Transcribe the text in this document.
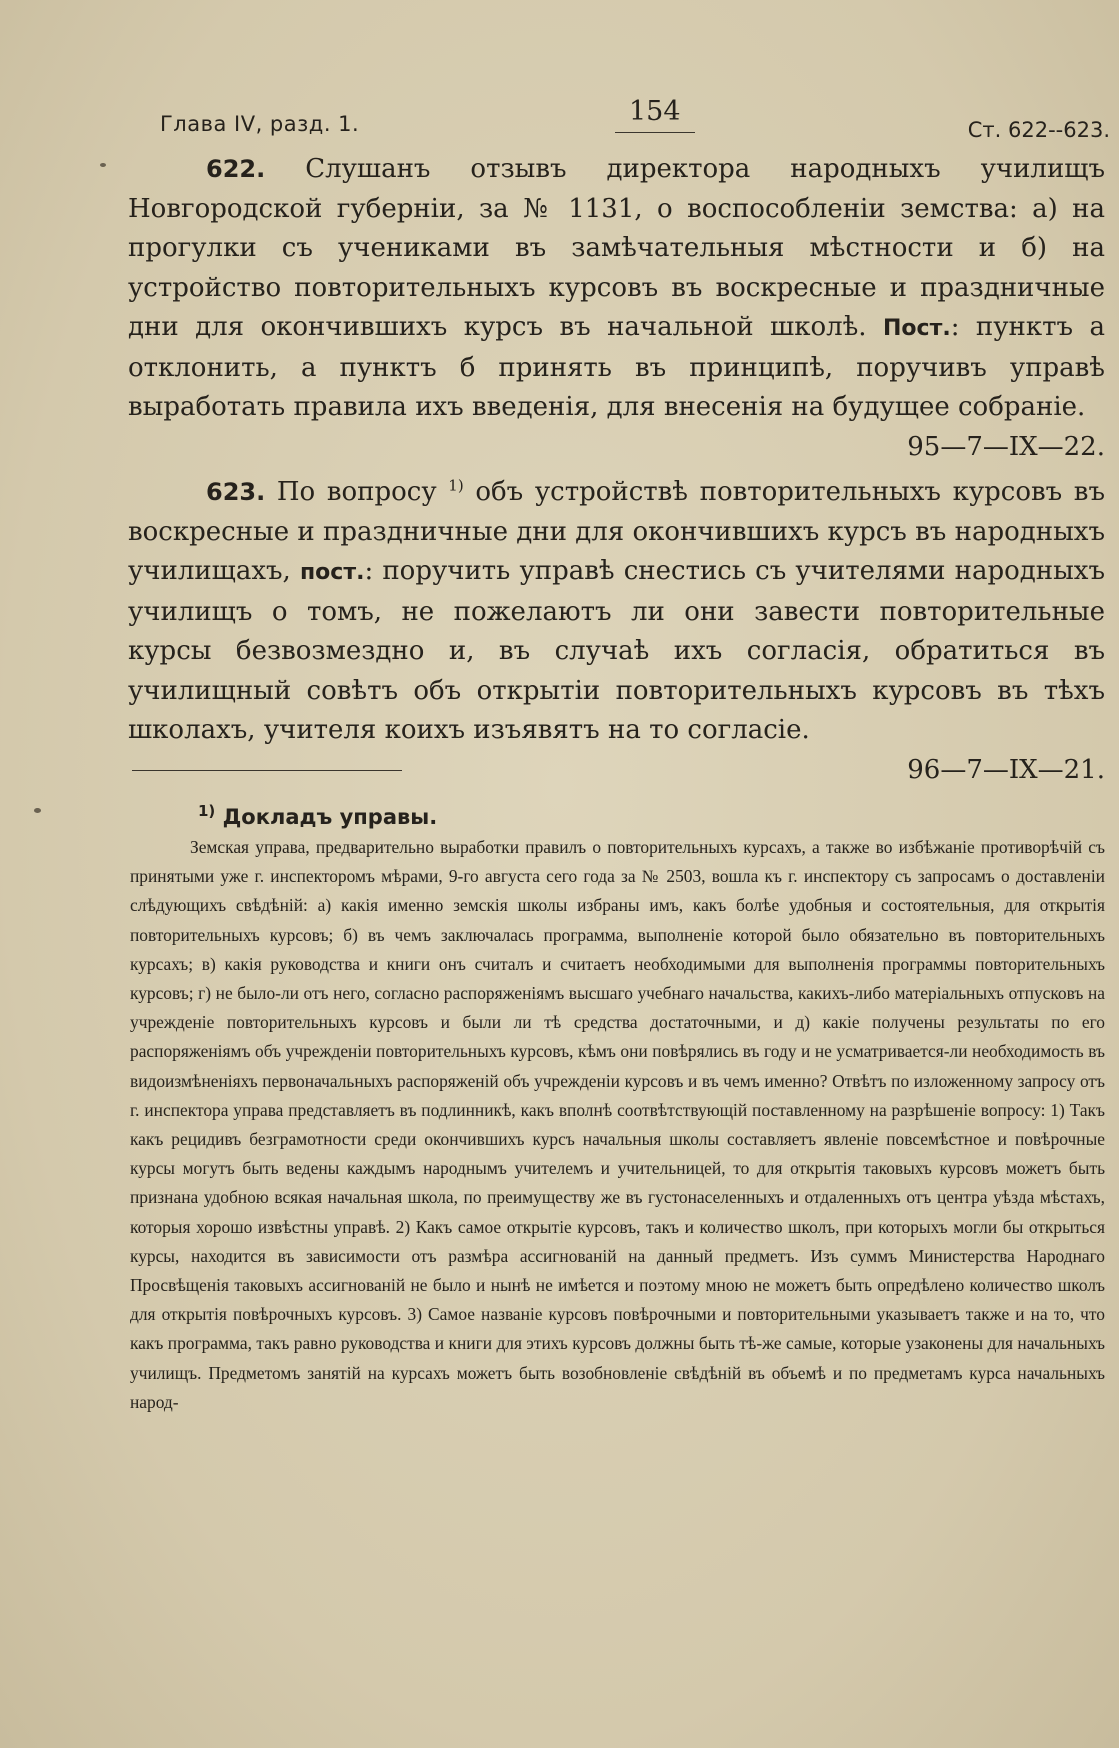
Глава IV, разд. 1.	154
Ст. 622--623.

622. Слушанъ отзывъ директора народныхъ училищъ Новгородской губерніи, за № 1131, о воспособленіи земства: а) на прогулки съ учениками въ замѣчательныя мѣстности и б) на устройство повторительныхъ курсовъ въ воскресные и праздничные дни для окончившихъ курсъ въ начальной школѣ. Пост.: пунктъ а отклонить, а пунктъ б принять въ принципѣ, поручивъ управѣ выработать правила ихъ введенія, для внесенія на будущее собраніе.

95—7—IX—22.

623. По вопросу $^{1)}$ объ устройствѣ повторительныхъ курсовъ въ воскресные и праздничные дни для окончившихъ курсъ въ народныхъ училищахъ, пост.: поручить управѣ снестись съ учителями народныхъ училищъ о томъ, не пожелаютъ ли они завести повторительные курсы безвозмездно и, въ случаѣ ихъ согласія, обратиться въ училищный совѣтъ объ открытіи повторительныхъ курсовъ въ тѣхъ школахъ, учителя коихъ изъявятъ на то согласіе.

96—7—IX—21.

$^{1)}$ Докладъ управы.

Земская управа, предварительно выработки правилъ о повторительныхъ курсахъ, а также во избѣжаніе противорѣчій съ принятыми уже г. инспекторомъ мѣрами, 9-го августа сего года за № 2503, вошла къ г. инспектору съ запросамъ о доставленіи слѣдующихъ свѣдѣній: а) какія именно земскія школы избраны имъ, какъ болѣе удобныя и состоятельныя, для открытія повторительныхъ курсовъ; б) въ чемъ заключалась программа, выполненіе которой было обязательно въ повторительныхъ курсахъ; в) какія руководства и книги онъ считалъ и считаетъ необходимыми для выполненія программы повторительныхъ курсовъ; г) не было-ли отъ него, согласно распоряженіямъ высшаго учебнаго начальства, какихъ-либо матеріальныхъ отпусковъ на учрежденіе повторительныхъ курсовъ и были ли тѣ средства достаточными, и д) какіе получены результаты по его распоряженіямъ объ учрежденіи повторительныхъ курсовъ, кѣмъ они повѣрялись въ году и не усматривается-ли необходимость въ видоизмѣненіяхъ первоначальныхъ распоряженій объ учрежденіи курсовъ и въ чемъ именно? Отвѣтъ по изложенному запросу отъ г. инспектора управа представляетъ въ подлинникѣ, какъ вполнѣ соотвѣтствующій поставленному на разрѣшеніе вопросу: 1) Такъ какъ рецидивъ безграмотности среди окончившихъ курсъ начальныя школы составляетъ явленіе повсемѣстное и повѣрочные курсы могутъ быть ведены каждымъ народнымъ учителемъ и учительницей, то для открытія таковыхъ курсовъ можетъ быть признана удобною всякая начальная школа, по преимуществу же въ густонаселенныхъ и отдаленныхъ отъ центра уѣзда мѣстахъ, которыя хорошо извѣстны управѣ. 2) Какъ самое открытіе курсовъ, такъ и количество школъ, при которыхъ могли бы открыться курсы, находится въ зависимости отъ размѣра ассигнованій на данный предметъ. Изъ суммъ Министерства Народнаго Просвѣщенія таковыхъ ассигнованій не было и нынѣ не имѣется и поэтому мною не можетъ быть опредѣлено количество школъ для открытія повѣрочныхъ курсовъ. 3) Самое названіе курсовъ повѣрочными и повторительными указываетъ также и на то, что какъ программа, такъ равно руководства и книги для этихъ курсовъ должны быть тѣ-же самые, которые узаконены для начальныхъ училищъ. Предметомъ занятій на курсахъ можетъ быть возобновленіе свѣдѣній въ объемѣ и по предметамъ курса начальныхъ народ-
